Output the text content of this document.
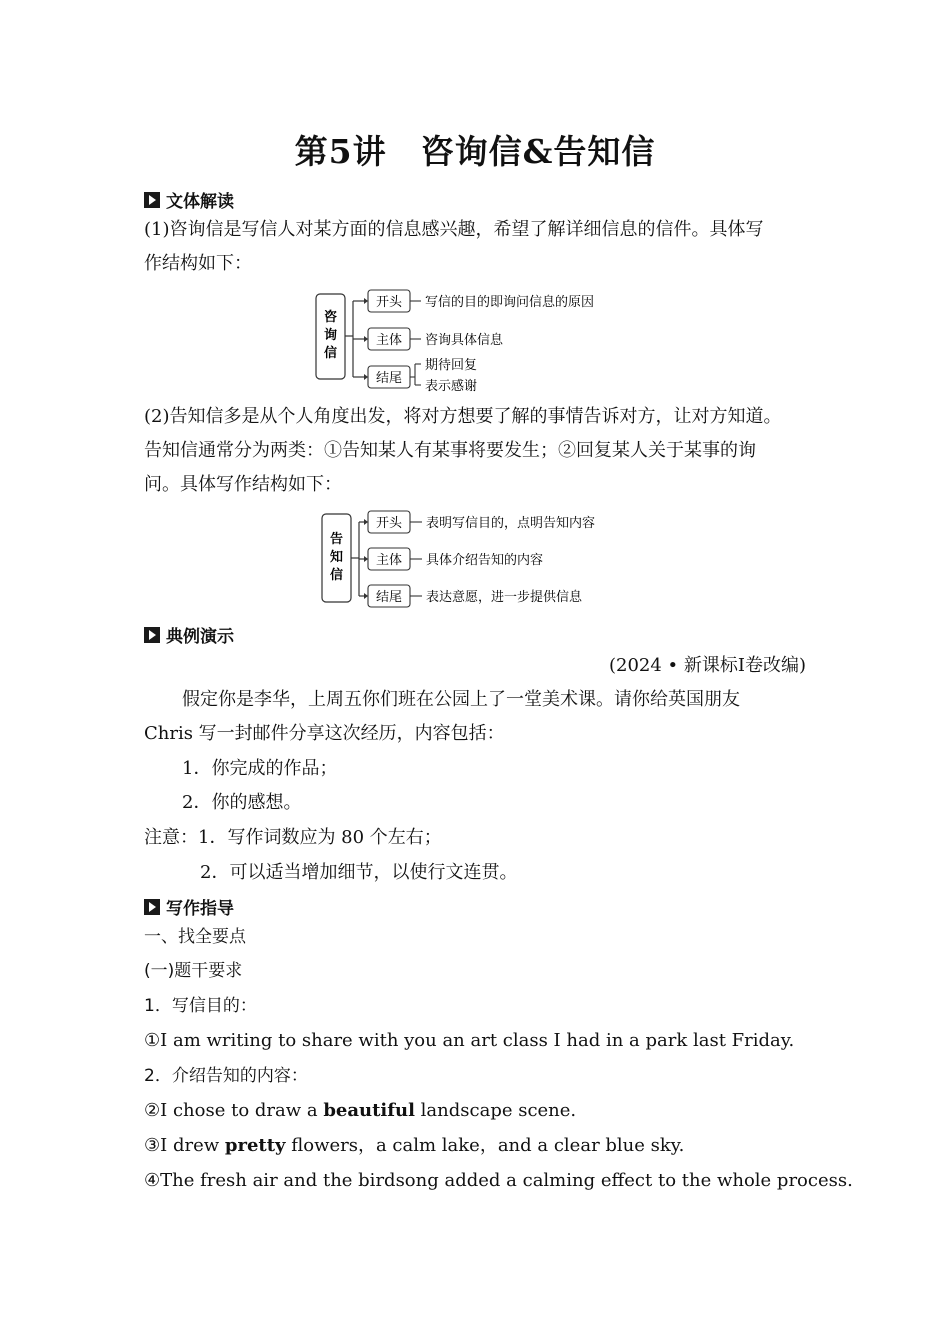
第5讲　咨询信&告知信
文体解读
(1)咨询信是写信人对某方面的信息感兴趣，希望了解详细信息的信件。具体写
作结构如下：
咨
询
信
开头
主体
结尾
写信的目的即询问信息的原因
咨询具体信息
期待回复
表示感谢
(2)告知信多是从个人角度出发，将对方想要了解的事情告诉对方，让对方知道。
告知信通常分为两类：①告知某人有某事将要发生；②回复某人关于某事的询
问。具体写作结构如下：
告
知
信
开头
主体
结尾
表明写信目的，点明告知内容
具体介绍告知的内容
表达意愿，进一步提供信息
典例演示
(2024 • 新课标Ⅰ卷改编)
假定你是李华，上周五你们班在公园上了一堂美术课。请你给英国朋友
Chris 写一封邮件分享这次经历，内容包括：
1．你完成的作品；
2．你的感想。
注意：1．写作词数应为 80 个左右；
2．可以适当增加细节，以使行文连贯。
写作指导
一、找全要点
(一)题干要求
1．写信目的：
①I am writing to share with you an art class I had in a park last Friday.
2．介绍告知的内容：
②I chose to draw a beautiful landscape scene.
③I drew pretty flowers，a calm lake，and a clear blue sky.
④The fresh air and the birdsong added a calming effect to the whole process.
